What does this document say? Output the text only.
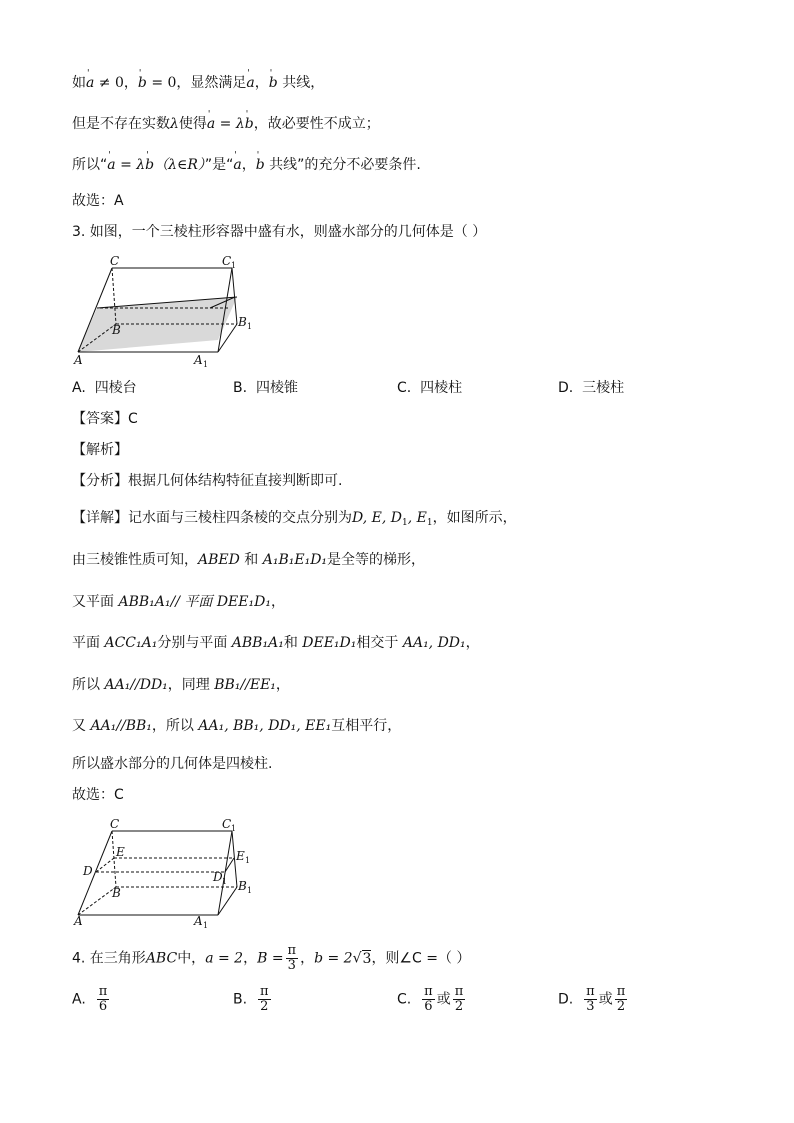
如' a ≠ 0，' b = 0，显然满足' a，' b 共线，
但是不存在实数λ使得' a = λ' b，故必要性不成立；
所以“' a = λ' b（λ∈R）”是“' a，' b 共线”的充分不必要条件.
故选：A
3. 如图，一个三棱柱形容器中盛有水，则盛水部分的几何体是（ ）
C	C 1
B
B 1
A	A 1
A. 四棱台	B. 四棱锥	C. 四棱柱	D. 三棱柱
【答案】C
【解析】
【分析】根据几何体结构特征直接判断即可.
【详解】记水面与三棱柱四条棱的交点分别为D, E, $D_1$, $E_1$，如图所示，
由三棱锥性质可知，ABED 和 A₁B₁E₁D₁是全等的梯形，
又平面 ABB₁A₁// 平面 DEE₁D₁，
平面 ACC₁A₁分别与平面 ABB₁A₁和 DEE₁D₁相交于 AA₁, DD₁，
所以 AA₁//DD₁，同理 BB₁//EE₁，
又 AA₁//BB₁，所以 AA₁, BB₁, DD₁, EE₁互相平行，
所以盛水部分的几何体是四棱柱.
故选：C
C	C 1
E	E 1
D	D 1
B	B 1
A	A 1
4. 在三角形ABC中，a = 2，$B = \frac{\pi}{3}$ ，b = 2√3，则∠C =（ ）
A. $\frac{\pi}{6}$	B. $\frac{\pi}{2}$	C. $\frac{\pi}{6}$ 或 $\frac{\pi}{2}$	D. $\frac{\pi}{3}$ 或 $\frac{\pi}{2}$
